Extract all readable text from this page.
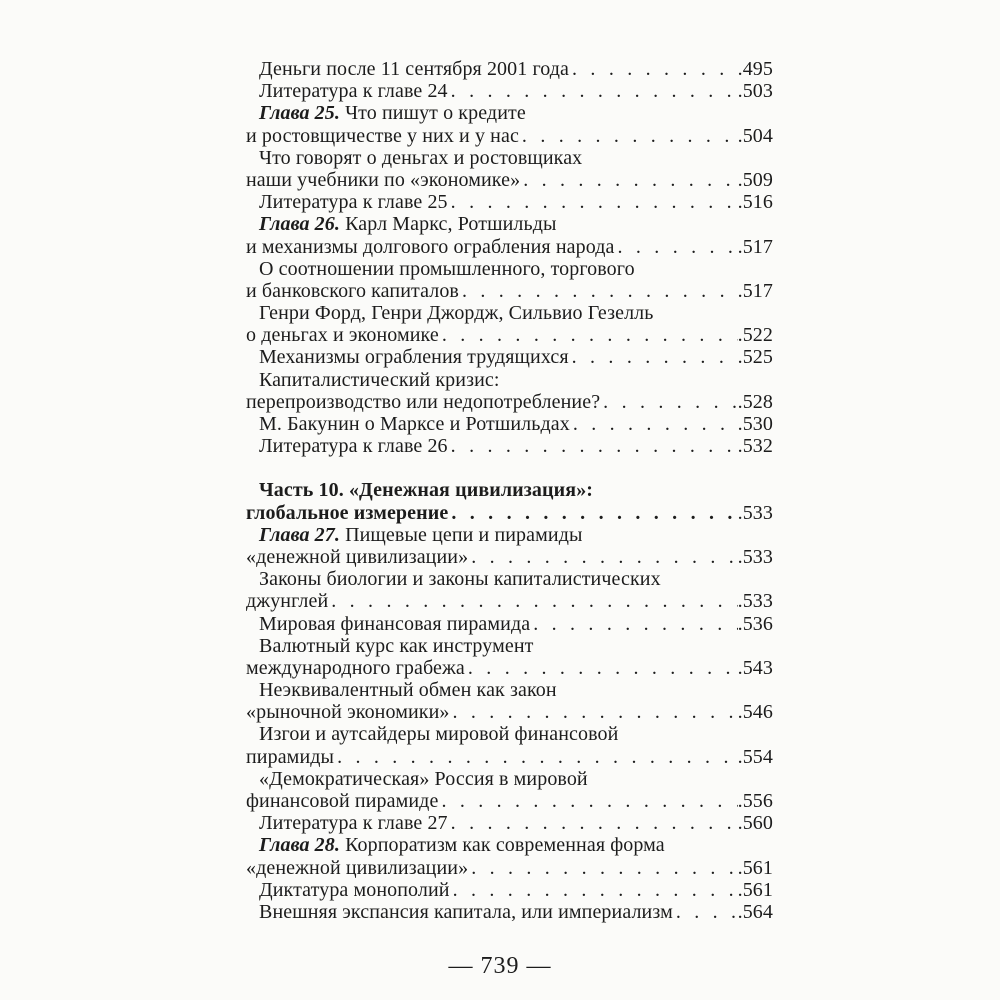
Деньги после 11 сентября 2001 года . . .	.495
Литература к главе 24 . . .	.503
Глава 25. Что пишут о кредите
и ростовщичестве у них и у нас . . .	.504
Что говорят о деньгах и ростовщиках
наши учебники по «экономике» . . .	.509
Литература к главе 25 . . .	.516
Глава 26. Карл Маркс, Ротшильды
и механизмы долгового ограбления народа . . .	.517
О соотношении промышленного, торгового
и банковского капиталов . . .	.517
Генри Форд, Генри Джордж, Сильвио Гезелль
о деньгах и экономике . . .	.522
Механизмы ограбления трудящихся . . .	.525
Капиталистический кризис:
перепроизводство или недопотребление? . . .	.528
М. Бакунин о Марксе и Ротшильдах . . .	.530
Литература к главе 26 . . .	.532
Часть 10. «Денежная цивилизация»:
глобальное измерение . . .	.533
Глава 27. Пищевые цепи и пирамиды
«денежной цивилизации» . . .	.533
Законы биологии и законы капиталистических
джунглей . . .	.533
Мировая финансовая пирамида . . .	.536
Валютный курс как инструмент
международного грабежа . . .	.543
Неэквивалентный обмен как закон
«рыночной экономики» . . .	.546
Изгои и аутсайдеры мировой финансовой
пирамиды . . .	.554
«Демократическая» Россия в мировой
финансовой пирамиде . . .	.556
Литература к главе 27 . . .	.560
Глава 28. Корпоратизм как современная форма
«денежной цивилизации» . . .	.561
Диктатура монополий . . .	.561
Внешняя экспансия капитала, или империализм . . .	.564
— 739 —
